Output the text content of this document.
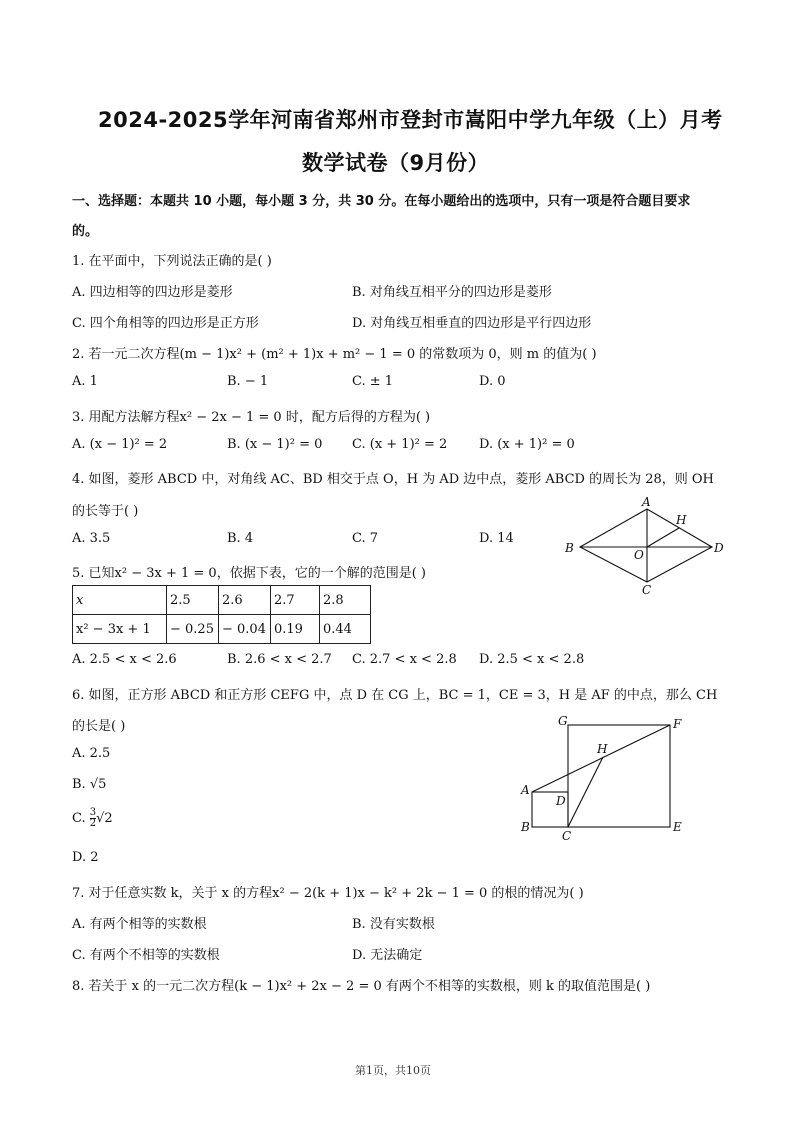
2024-2025学年河南省郑州市登封市嵩阳中学九年级（上）月考
数学试卷（9月份）
一、选择题：本题共 10 小题，每小题 3 分，共 30 分。在每小题给出的选项中，只有一项是符合题目要求
的。
1. 在平面中，下列说法正确的是( )
A. 四边相等的四边形是菱形	B. 对角线互相平分的四边形是菱形
C. 四个角相等的四边形是正方形	D. 对角线互相垂直的四边形是平行四边形
2. 若一元二次方程(m − 1)x² + (m² + 1)x + m² − 1 = 0 的常数项为 0，则 m 的值为( )
A. 1	B. − 1	C. ± 1	D. 0
3. 用配方法解方程x² − 2x − 1 = 0 时，配方后得的方程为( )
A. (x − 1)² = 2	B. (x − 1)² = 0 C. (x + 1)² = 2 D. (x + 1)² = 0
4. 如图，菱形 ABCD 中，对角线 AC、BD 相交于点 O，H 为 AD 边中点，菱形 ABCD 的周长为 28，则 OH
的长等于( )
A. 3.5	B. 4	C. 7	D. 14
A
H
B	D
O
C
5. 已知x² − 3x + 1 = 0，依据下表，它的一个解的范围是( )
x	2.5	2.6	2.7	2.8
x² − 3x + 1	− 0.25	− 0.04	0.19	0.44
A. 2.5 < x < 2.6	B. 2.6 < x < 2.7 C. 2.7 < x < 2.8 D. 2.5 < x < 2.8
6. 如图，正方形 ABCD 和正方形 CEFG 中，点 D 在 CG 上，BC = 1，CE = 3，H 是 AF 的中点，那么 CH
的长是( )
A. 2.5
B. √5
C. $\frac{3}{2} √2$
D. 2
G	F
H
A
D
B
C
E
7. 对于任意实数 k，关于 x 的方程x² − 2(k + 1)x − k² + 2k − 1 = 0 的根的情况为( )
A. 有两个相等的实数根	B. 没有实数根
C. 有两个不相等的实数根	D. 无法确定
8. 若关于 x 的一元二次方程(k − 1)x² + 2x − 2 = 0 有两个不相等的实数根，则 k 的取值范围是( )
第1页，共10页
